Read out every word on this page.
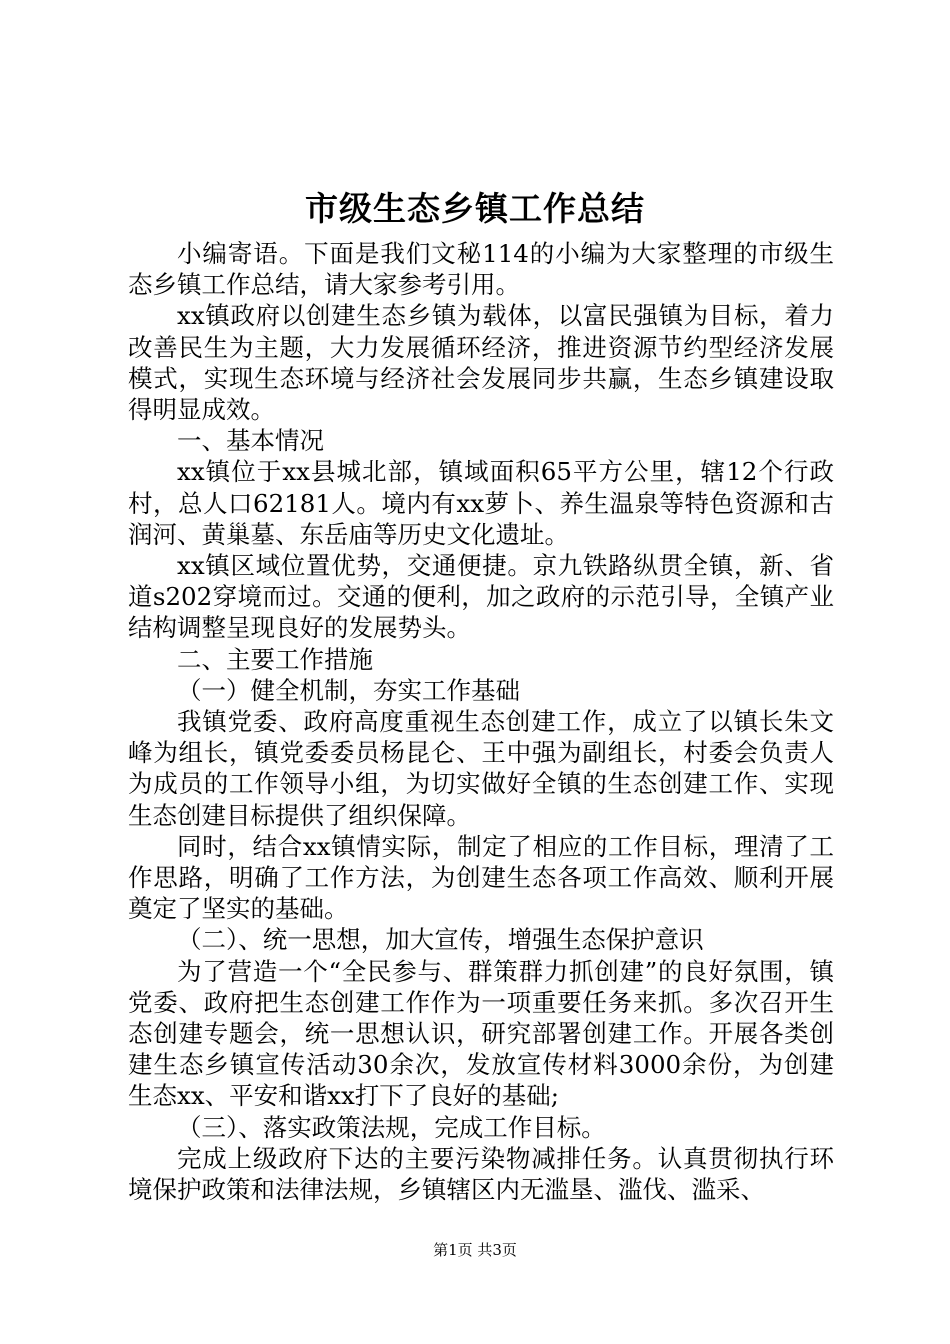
市级生态乡镇工作总结

小编寄语。下面是我们文秘114的小编为大家整理的市级生态乡镇工作总结，请大家参考引用。

xx镇政府以创建生态乡镇为载体，以富民强镇为目标，着力改善民生为主题，大力发展循环经济，推进资源节约型经济发展模式，实现生态环境与经济社会发展同步共赢，生态乡镇建设取得明显成效。

一、基本情况

xx镇位于xx县城北部，镇域面积65平方公里，辖12个行政村，总人口62181人。境内有xx萝卜、养生温泉等特色资源和古润河、黄巢墓、东岳庙等历史文化遗址。

xx镇区域位置优势，交通便捷。京九铁路纵贯全镇，新、省道s202穿境而过。交通的便利，加之政府的示范引导，全镇产业结构调整呈现良好的发展势头。

二、主要工作措施

（一）健全机制，夯实工作基础

我镇党委、政府高度重视生态创建工作，成立了以镇长朱文峰为组长，镇党委委员杨昆仑、王中强为副组长，村委会负责人为成员的工作领导小组，为切实做好全镇的生态创建工作、实现生态创建目标提供了组织保障。

同时，结合xx镇情实际，制定了相应的工作目标，理清了工作思路，明确了工作方法，为创建生态各项工作高效、顺利开展奠定了坚实的基础。

（二）、统一思想，加大宣传，增强生态保护意识

为了营造一个“全民参与、群策群力抓创建”的良好氛围，镇党委、政府把生态创建工作作为一项重要任务来抓。多次召开生态创建专题会，统一思想认识，研究部署创建工作。开展各类创建生态乡镇宣传活动30余次，发放宣传材料3000余份，为创建生态xx、平安和谐xx打下了良好的基础;

（三）、落实政策法规，完成工作目标。

完成上级政府下达的主要污染物减排任务。认真贯彻执行环境保护政策和法律法规，乡镇辖区内无滥垦、滥伐、滥采、

第1页 共3页
